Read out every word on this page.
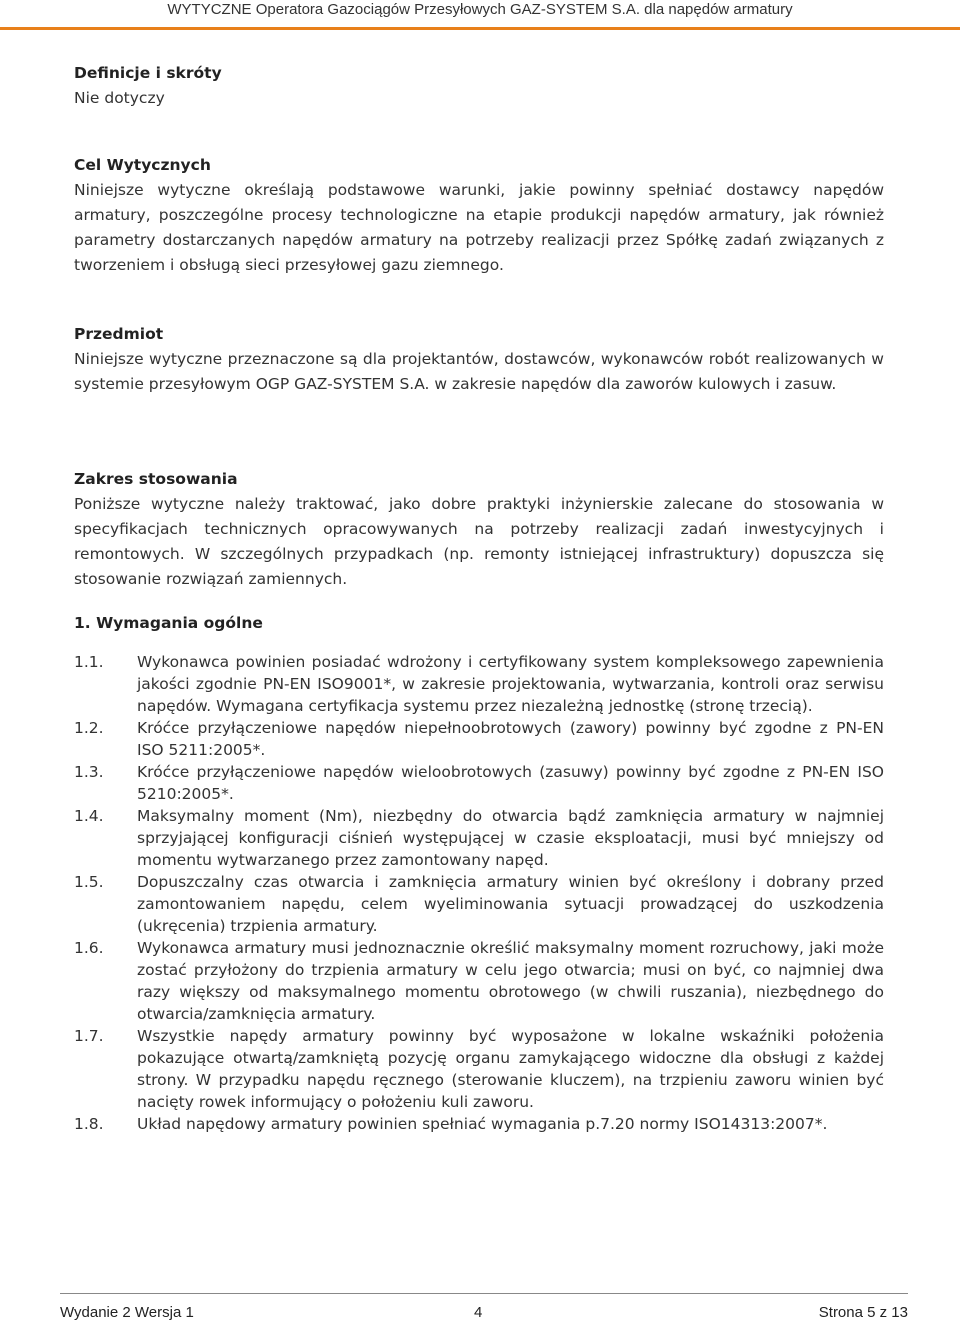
WYTYCZNE Operatora Gazociągów Przesyłowych GAZ-SYSTEM S.A. dla napędów armatury

Definicje i skróty

Nie dotyczy

Cel Wytycznych

Niniejsze wytyczne określają podstawowe warunki, jakie powinny spełniać dostawcy napędów armatury, poszczególne procesy technologiczne na etapie produkcji napędów armatury, jak również parametry dostarczanych napędów armatury na potrzeby realizacji przez Spółkę zadań związanych z tworzeniem i obsługą sieci przesyłowej gazu ziemnego.

Przedmiot

Niniejsze wytyczne przeznaczone są dla projektantów, dostawców, wykonawców robót realizowanych w systemie przesyłowym OGP GAZ-SYSTEM S.A. w zakresie napędów dla zaworów kulowych i zasuw.

Zakres stosowania

Poniższe wytyczne należy traktować, jako dobre praktyki inżynierskie zalecane do stosowania w specyfikacjach technicznych opracowywanych na potrzeby realizacji zadań inwestycyjnych i remontowych. W szczególnych przypadkach (np. remonty istniejącej infrastruktury) dopuszcza się stosowanie rozwiązań zamiennych.

1. Wymagania ogólne
1.1.	Wykonawca powinien posiadać wdrożony i certyfikowany system kompleksowego zapewnienia jakości zgodnie PN-EN ISO9001*, w zakresie projektowania, wytwarzania, kontroli oraz serwisu napędów. Wymagana certyfikacja systemu przez niezależną jednostkę (stronę trzecią).
1.2.	Króćce przyłączeniowe napędów niepełnoobrotowych (zawory) powinny być zgodne z PN-EN ISO 5211:2005*.
1.3.	Króćce przyłączeniowe napędów wieloobrotowych (zasuwy) powinny być zgodne z PN-EN ISO 5210:2005*.
1.4.	Maksymalny moment (Nm), niezbędny do otwarcia bądź zamknięcia armatury w najmniej sprzyjającej konfiguracji ciśnień występującej w czasie eksploatacji, musi być mniejszy od momentu wytwarzanego przez zamontowany napęd.
1.5.	Dopuszczalny czas otwarcia i zamknięcia armatury winien być określony i dobrany przed zamontowaniem napędu, celem wyeliminowania sytuacji prowadzącej do uszkodzenia (ukręcenia) trzpienia armatury.
1.6.	Wykonawca armatury musi jednoznacznie określić maksymalny moment rozruchowy, jaki może zostać przyłożony do trzpienia armatury w celu jego otwarcia; musi on być, co najmniej dwa razy większy od maksymalnego momentu obrotowego (w chwili ruszania), niezbędnego do otwarcia/zamknięcia armatury.
1.7.	Wszystkie napędy armatury powinny być wyposażone w lokalne wskaźniki położenia pokazujące otwartą/zamkniętą pozycję organu zamykającego widoczne dla obsługi z każdej strony. W przypadku napędu ręcznego (sterowanie kluczem), na trzpieniu zaworu winien być nacięty rowek informujący o położeniu kuli zaworu.
1.8.	Układ napędowy armatury powinien spełniać wymagania p.7.20 normy ISO14313:2007*.
Wydanie 2 Wersja 1	4	Strona 5 z 13
